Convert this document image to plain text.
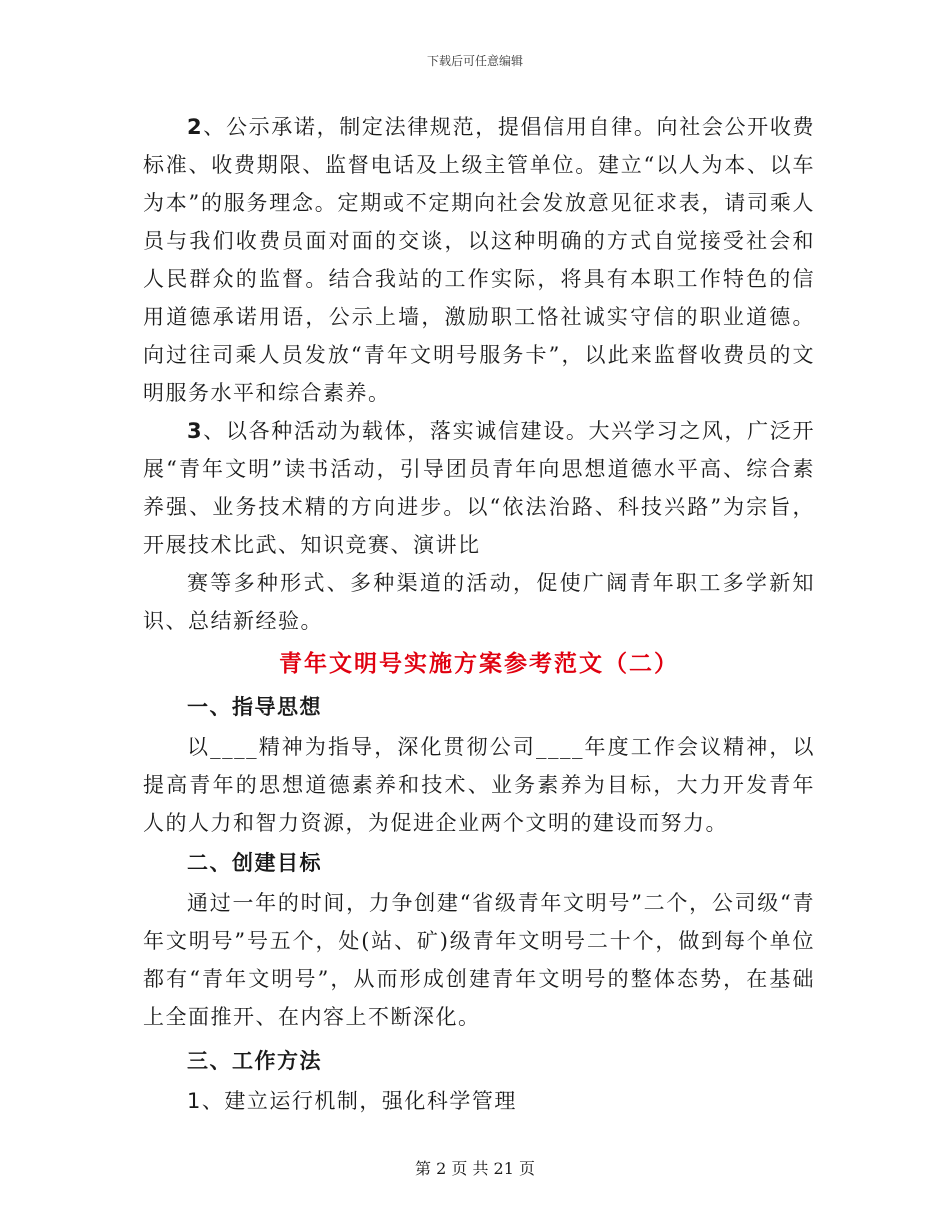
下载后可任意编辑

2、公示承诺，制定法律规范，提倡信用自律。向社会公开收费标准、收费期限、监督电话及上级主管单位。建立“以人为本、以车为本”的服务理念。定期或不定期向社会发放意见征求表，请司乘人员与我们收费员面对面的交谈，以这种明确的方式自觉接受社会和人民群众的监督。结合我站的工作实际，将具有本职工作特色的信用道德承诺用语，公示上墙，激励职工恪社诚实守信的职业道德。向过往司乘人员发放“青年文明号服务卡”，以此来监督收费员的文明服务水平和综合素养。

3、以各种活动为载体，落实诚信建设。大兴学习之风，广泛开展“青年文明”读书活动，引导团员青年向思想道德水平高、综合素养强、业务技术精的方向进步。以“依法治路、科技兴路”为宗旨，开展技术比武、知识竞赛、演讲比

赛等多种形式、多种渠道的活动，促使广阔青年职工多学新知识、总结新经验。

青年文明号实施方案参考范文（二）

一、指导思想

以____精神为指导，深化贯彻公司____年度工作会议精神，以提高青年的思想道德素养和技术、业务素养为目标，大力开发青年人的人力和智力资源，为促进企业两个文明的建设而努力。

二、创建目标

通过一年的时间，力争创建“省级青年文明号”二个，公司级“青年文明号”号五个，处(站、矿)级青年文明号二十个，做到每个单位都有“青年文明号”，从而形成创建青年文明号的整体态势，在基础上全面推开、在内容上不断深化。

三、工作方法

1、建立运行机制，强化科学管理

第 2 页 共 21 页
